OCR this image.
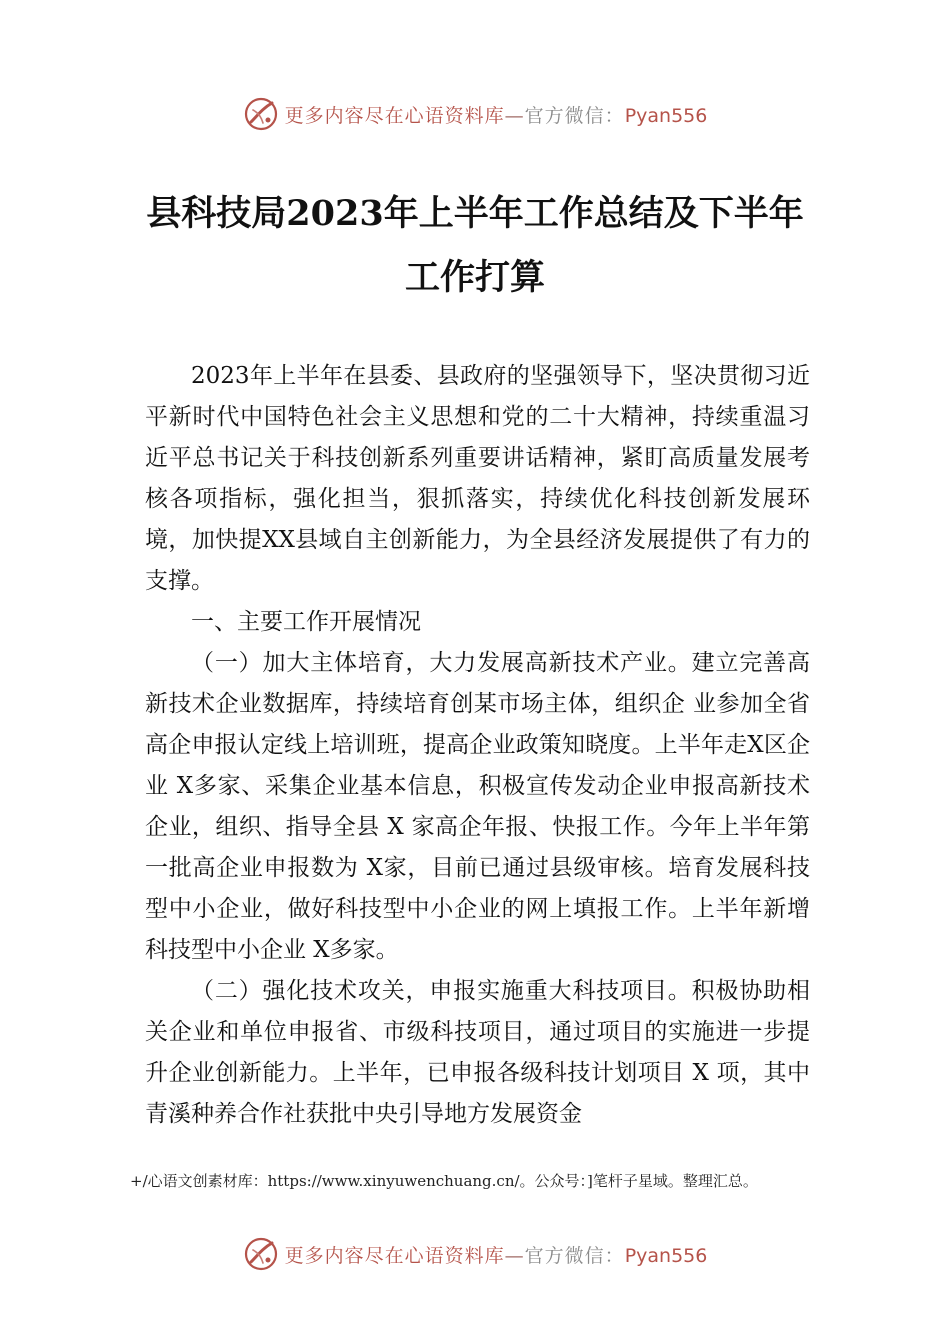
更多内容尽在心语资料库—官方微信：Pyan556
县科技局2023年上半年工作总结及下半年
工作打算

2023年上半年在县委、县政府的坚强领导下，坚决贯彻习近平新时代中国特色社会主义思想和党的二十大精神，持续重温习近平总书记关于科技创新系列重要讲话精神，紧盯高质量发展考核各项指标，强化担当，狠抓落实，持续优化科技创新发展环境，加快提XX县域自主创新能力，为全县经济发展提供了有力的支撑。

一、主要工作开展情况

（一）加大主体培育，大力发展高新技术产业。建立完善高新技术企业数据库，持续培育创某市场主体，组织企 业参加全省高企申报认定线上培训班，提高企业政策知晓度。上半年走X区企业 X多家、采集企业基本信息，积极宣传发动企业申报高新技术企业，组织、指导全县 X 家高企年报、快报工作。今年上半年第一批高企业申报数为 X家，目前已通过县级审核。培育发展科技型中小企业，做好科技型中小企业的网上填报工作。上半年新增科技型中小企业 X多家。

（二）强化技术攻关，申报实施重大科技项目。积极协助相关企业和单位申报省、市级科技项目，通过项目的实施进一步提升企业创新能力。上半年，已申报各级科技计划项目 X 项，其中青溪种养合作社获批中央引导地方发展资金

+/心语文创素材库：https://www.xinyuwenchuang.cn/。公众号：]笔杆子星域。整理汇总。
更多内容尽在心语资料库—官方微信：Pyan556
